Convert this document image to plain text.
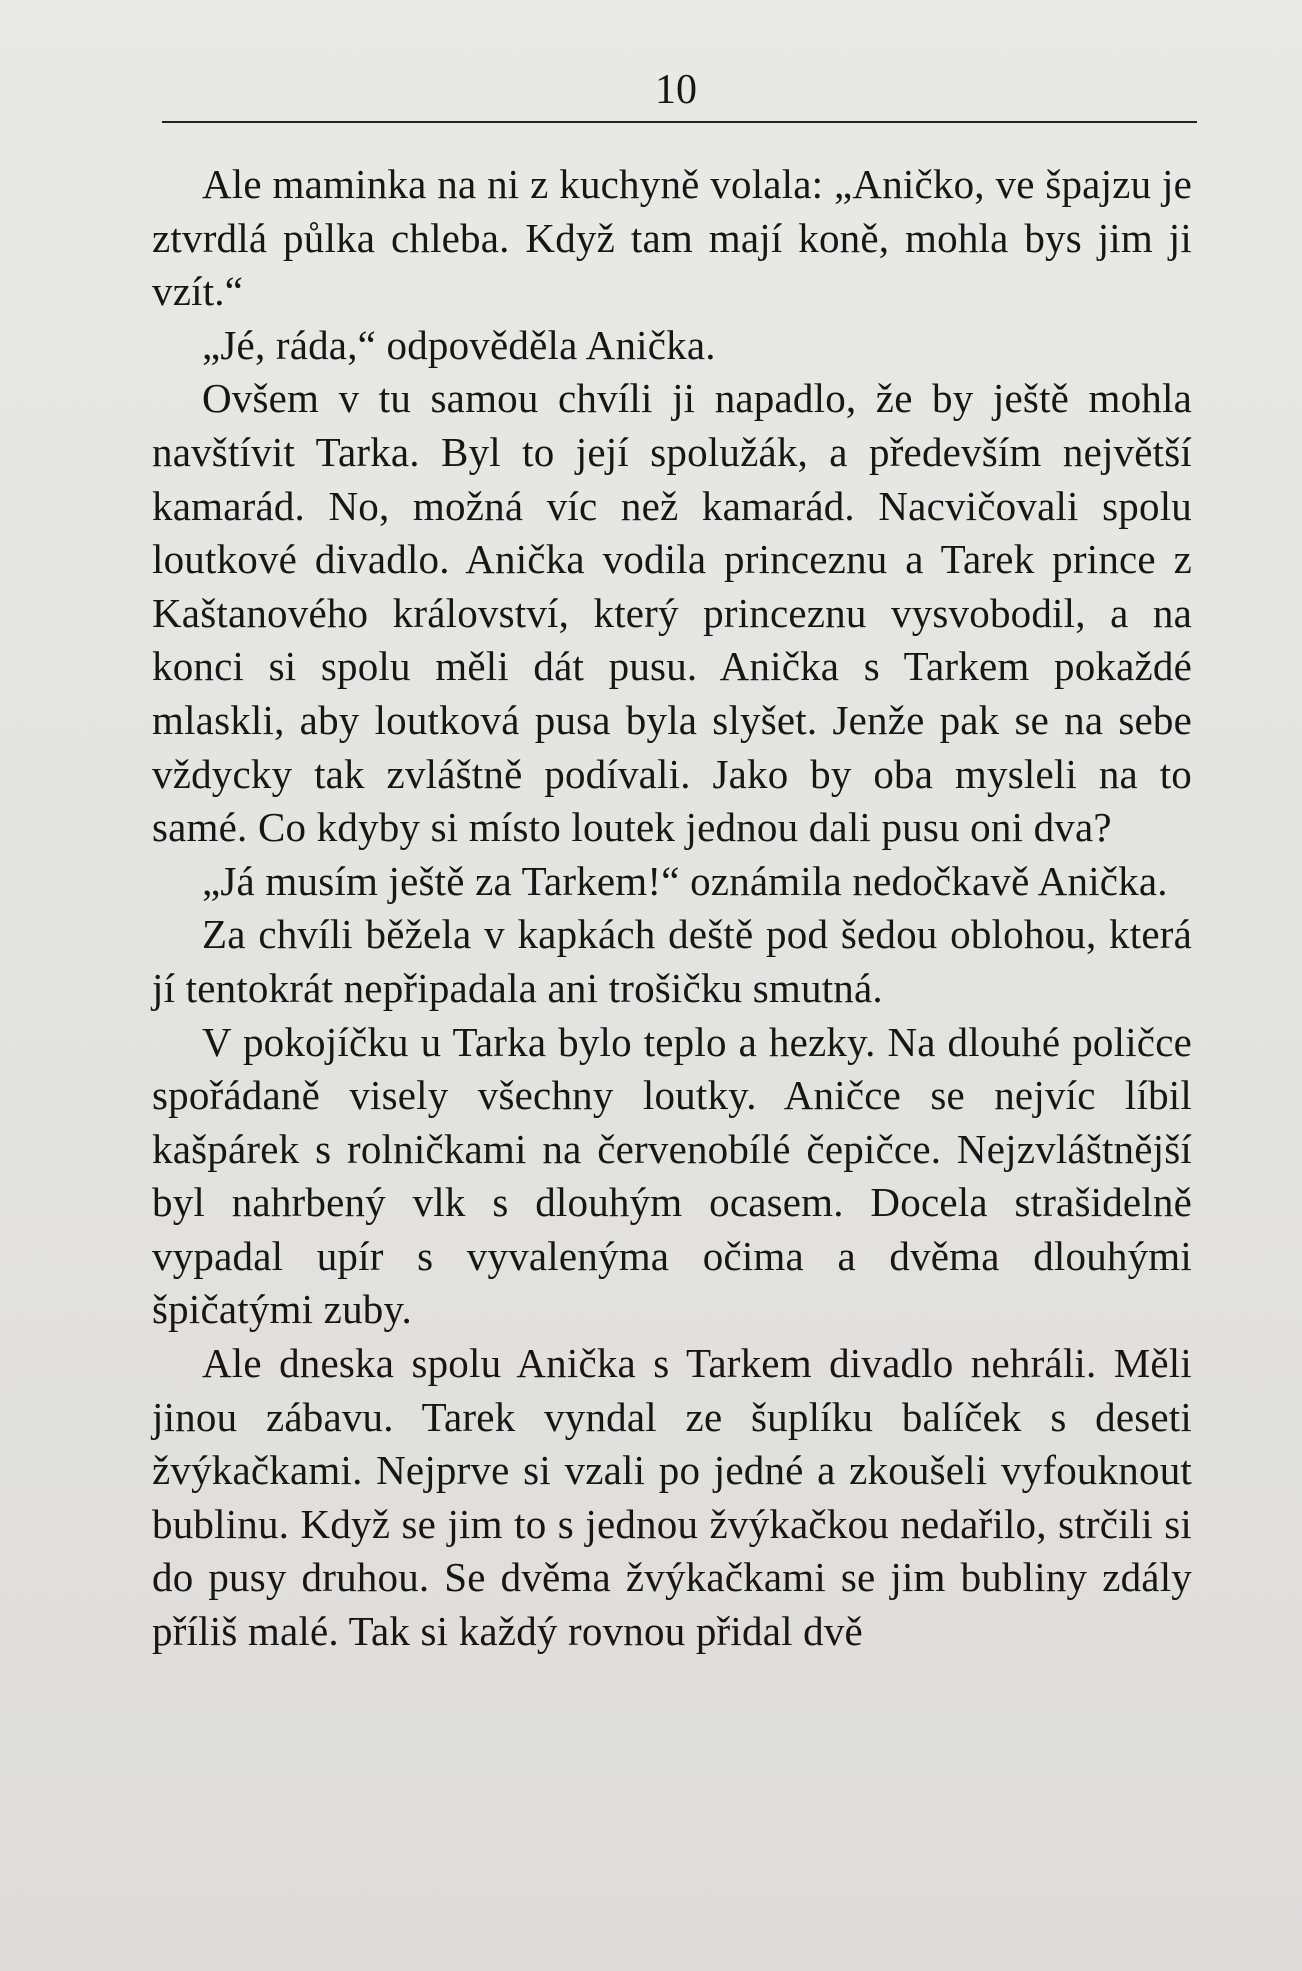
10

Ale maminka na ni z kuchyně volala: „Aničko, ve špajzu je ztvrdlá půlka chleba. Když tam mají koně, mohla bys jim ji vzít.“

„Jé, ráda,“ odpověděla Anička.

Ovšem v tu samou chvíli ji napadlo, že by ještě mohla navštívit Tarka. Byl to její spolužák, a především největší kamarád. No, možná víc než kamarád. Nacvičovali spolu loutkové divadlo. Anička vodila princeznu a Tarek prince z Kaštanového království, který princeznu vysvobodil, a na konci si spolu měli dát pusu. Anička s Tarkem pokaždé mlaskli, aby loutková pusa byla slyšet. Jenže pak se na sebe vždycky tak zvláštně podívali. Jako by oba mysleli na to samé. Co kdyby si místo loutek jednou dali pusu oni dva?

„Já musím ještě za Tarkem!“ oznámila nedočkavě Anička.

Za chvíli běžela v kapkách deště pod šedou oblohou, která jí tentokrát nepřipadala ani trošičku smutná.

V pokojíčku u Tarka bylo teplo a hezky. Na dlouhé poličce spořádaně visely všechny loutky. Aničce se nejvíc líbil kašpárek s rolničkami na červenobílé čepičce. Nejzvláštnější byl nahrbený vlk s dlouhým ocasem. Docela strašidelně vypadal upír s vyvalenýma očima a dvěma dlouhými špičatými zuby.

Ale dneska spolu Anička s Tarkem divadlo nehráli. Měli jinou zábavu. Tarek vyndal ze šuplíku balíček s deseti žvýkačkami. Nejprve si vzali po jedné a zkoušeli vyfouknout bublinu. Když se jim to s jednou žvýkačkou nedařilo, strčili si do pusy druhou. Se dvěma žvýkačkami se jim bubliny zdály příliš malé. Tak si každý rovnou přidal dvě
